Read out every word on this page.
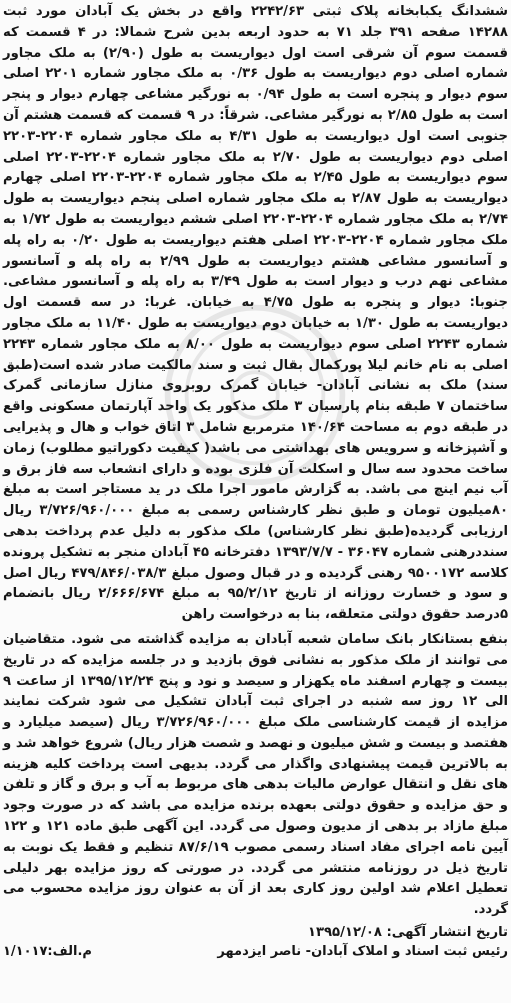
ششدانگ یکبابخانه پلاک ثبتی ۲۲۴۲/۶۳ واقع در بخش یک آبادان مورد ثبت ۱۴۲۸۸ صفحه ۳۹۱ جلد ۷۱ به حدود اربعه بدین شرح شمالا: در ۴ قسمت که قسمت سوم آن شرقی است اول دیواریست به طول (۲/۹۰) به ملک مجاور شماره اصلی دوم دیواریست به طول ۰/۳۶ به ملک مجاور شماره ۲۲۰۱ اصلی سوم دیوار و پنجره است به طول ۰/۹۴ به نورگیر مشاعی چهارم دیوار و پنجر است به طول ۲/۸۵ به نورگیر مشاعی. شرقاً: در ۹ قسمت که قسمت هشتم آن جنوبی است اول دیواریست به طول ۴/۳۱ به ملک مجاور شماره ۲۲۰۴-۲۲۰۳ اصلی دوم دیواریست به طول ۲/۷۰ به ملک مجاور شماره ۲۲۰۴-۲۲۰۳ اصلی سوم دیواریست به طول ۲/۴۵ به ملک مجاور شماره ۲۲۰۴-۲۲۰۳ اصلی چهارم دیواریست به طول ۲/۸۷ به ملک مجاور شماره اصلی پنجم دیواریست به طول ۲/۷۴ به ملک مجاور شماره ۲۲۰۴-۲۲۰۳ اصلی ششم دیواریست به طول ۱/۷۲ به ملک مجاور شماره ۲۲۰۴-۲۲۰۳ اصلی هفتم دیواریست به طول ۰/۲۰ به راه پله و آسانسور مشاعی هشتم دیواریست به طول ۲/۹۹ به راه پله و آسانسور مشاعی نهم درب و دیوار است به طول ۳/۴۹ به راه پله و آسانسور مشاعی. جنوبا: دیوار و پنجره به طول ۴/۷۵ به خیابان. غربا: در سه قسمت اول دیواریست به طول ۱/۳۰ به خیابان دوم دیواریست به طول ۱۱/۴۰ به ملک مجاور شماره ۲۲۴۳ اصلی سوم دیواریست به طول ۸/۰۰ به ملک مجاور شماره ۲۲۴۳ اصلی به نام خانم لیلا پورکمال بقال ثبت و سند مالکیت صادر شده است(طبق سند) ملک به نشانی آبادان- خیابان گمرک روبروی منازل سازمانی گمرک ساختمان ۷ طبقه بنام پارسیان ۳ ملک مذکور یک واحد آپارتمان مسکونی واقع در طبقه دوم به مساحت ۱۴۰/۶۴ مترمربع شامل ۳ اتاق خواب و هال و پذیرایی و آشپزخانه و سرویس های بهداشتی می باشد( کیفیت دکوراتیو مطلوب) زمان ساخت محدود سه سال و اسکلت آن فلزی بوده و دارای انشعاب سه فاز برق و آب نیم اینچ می باشد. به گزارش مامور اجرا ملک در ید مستاجر است به مبلغ ۸۰میلیون تومان و طبق نظر کارشناس رسمی به مبلغ ۳/۷۲۶/۹۶۰/۰۰۰ ریال ارزیابی گردیده(طبق نظر کارشناس) ملک مذکور به دلیل عدم پرداخت بدهی سنددرهنی شماره ۳۶۰۴۷ - ۱۳۹۳/۷/۷ دفترخانه ۴۵ آبادان منجر به تشکیل پرونده کلاسه ۹۵۰۰۱۷۲ رهنی گردیده و در قبال وصول مبلغ ۴۷۹/۸۴۶/۰۳۸/۳ ریال اصل و سود و خسارت روزانه از تاریخ ۹۵/۲/۱۲ به مبلغ ۲/۶۶۶/۶۷۴ ریال بانضمام ۵درصد حقوق دولتی متعلقه، بنا به درخواست راهن

بنفع بستانکار بانک سامان شعبه آبادان به مزایده گذاشته می شود. متقاضیان می توانند از ملک مذکور به نشانی فوق بازدید و در جلسه مزایده که در تاریخ بیست و چهارم اسفند ماه یکهزار و سیصد و نود و پنج ۱۳۹۵/۱۲/۲۴ از ساعت ۹ الی ۱۲ روز سه شنبه در اجرای ثبت آبادان تشکیل می شود شرکت نمایند مزایده از قیمت کارشناسی ملک مبلغ ۳/۷۲۶/۹۶۰/۰۰۰ ریال (سیصد میلیارد و هفتصد و بیست و شش میلیون و نهصد و شصت هزار ریال) شروع خواهد شد و به بالاترین قیمت پیشنهادی واگذار می گردد. بدیهی است پرداخت کلیه هزینه های نقل و انتقال عوارض مالیات بدهی های مربوط به آب و برق و گاز و تلفن و حق مزایده و حقوق دولتی بعهده برنده مزایده می باشد که در صورت وجود مبلغ مازاد بر بدهی از مدیون وصول می گردد. این آگهی طبق ماده ۱۲۱ و ۱۲۲ آیین نامه اجرای مفاد اسناد رسمی مصوب ۸۷/۶/۱۹ تنظیم و فقط یک نوبت به تاریخ ذیل در روزنامه منتشر می گردد. در صورتی که روز مزایده بهر دلیلی تعطیل اعلام شد اولین روز کاری بعد از آن به عنوان روز مزایده محسوب می گردد.

تاریخ انتشار آگهی: ۱۳۹۵/۱۲/۰۸
رئیس ثبت اسناد و املاک آبادان- ناصر ایزدمهر
م.الف:۱/۱۰۱۷
